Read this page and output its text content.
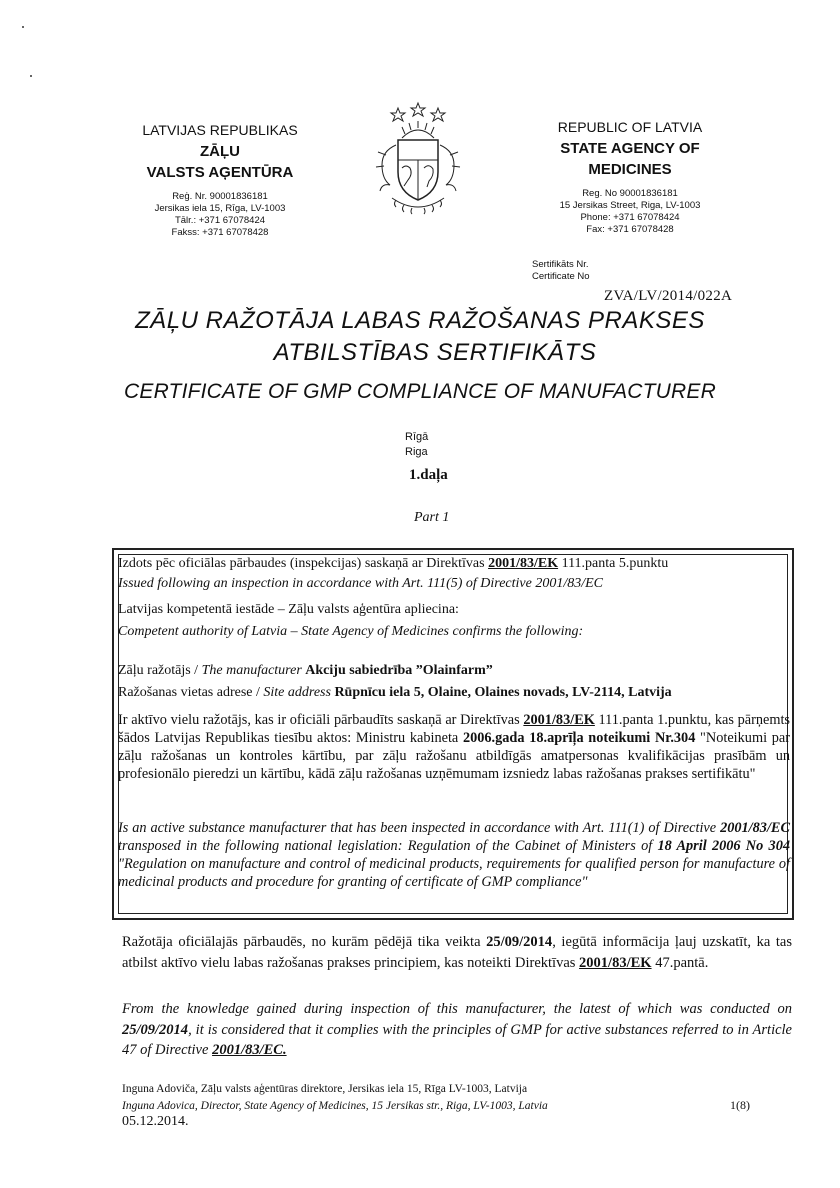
LATVIJAS REPUBLIKAS
ZĀĻU
VALSTS AĢENTŪRA
Reģ. Nr. 90001836181
Jersikas iela 15, Rīga, LV-1003
Tālr.: +371 67078424
Fakss: +371 67078428
REPUBLIC OF LATVIA
STATE AGENCY OF
MEDICINES
Reg. No 90001836181
15 Jersikas Street, Riga, LV-1003
Phone: +371 67078424
Fax: +371 67078428
Sertifikāts Nr.
Certificate No
ZVA/LV/2014/022A
ZĀĻU RAŽOTĀJA LABAS RAŽOŠANAS PRAKSES
ATBILSTĪBAS SERTIFIKĀTS
CERTIFICATE OF GMP COMPLIANCE OF MANUFACTURER
Rīgā
Riga
1.daļa
Part 1
Izdots pēc oficiālas pārbaudes (inspekcijas) saskaņā ar Direktīvas 2001/83/EK 111.panta 5.punktu
Issued following an inspection in accordance with Art. 111(5) of Directive 2001/83/EC
Latvijas kompetentā iestāde – Zāļu valsts aģentūra apliecina:
Competent authority of Latvia – State Agency of Medicines confirms the following:
Zāļu ražotājs / The manufacturer Akciju sabiedrība ”Olainfarm”
Ražošanas vietas adrese / Site address Rūpnīcu iela 5, Olaine, Olaines novads, LV-2114, Latvija
Ir aktīvo vielu ražotājs, kas ir oficiāli pārbaudīts saskaņā ar Direktīvas 2001/83/EK 111.panta 1.punktu, kas pārņemts šādos Latvijas Republikas tiesību aktos: Ministru kabineta 2006.gada 18.aprīļa noteikumi Nr.304 "Noteikumi par zāļu ražošanas un kontroles kārtību, par zāļu ražošanu atbildīgās amatpersonas kvalifikācijas prasībām un profesionālo pieredzi un kārtību, kādā zāļu ražošanas uzņēmumam izsniedz labas ražošanas prakses sertifikātu"
Is an active substance manufacturer that has been inspected in accordance with Art. 111(1) of Directive 2001/83/EC transposed in the following national legislation: Regulation of the Cabinet of Ministers of 18 April 2006 No 304 "Regulation on manufacture and control of medicinal products, requirements for qualified person for manufacture of medicinal products and procedure for granting of certificate of GMP compliance"
Ražotāja oficiālajās pārbaudēs, no kurām pēdējā tika veikta 25/09/2014, iegūtā informācija ļauj uzskatīt, ka tas atbilst aktīvo vielu labas ražošanas prakses principiem, kas noteikti Direktīvas 2001/83/EK 47.pantā.
From the knowledge gained during inspection of this manufacturer, the latest of which was conducted on 25/09/2014, it is considered that it complies with the principles of GMP for active substances referred to in Article 47 of Directive 2001/83/EC.
Inguna Adoviča, Zāļu valsts aģentūras direktore, Jersikas iela 15, Rīga LV-1003, Latvija
Inguna Adovica, Director, State Agency of Medicines, 15 Jersikas str., Riga, LV-1003, Latvia	1(8)
05.12.2014.
